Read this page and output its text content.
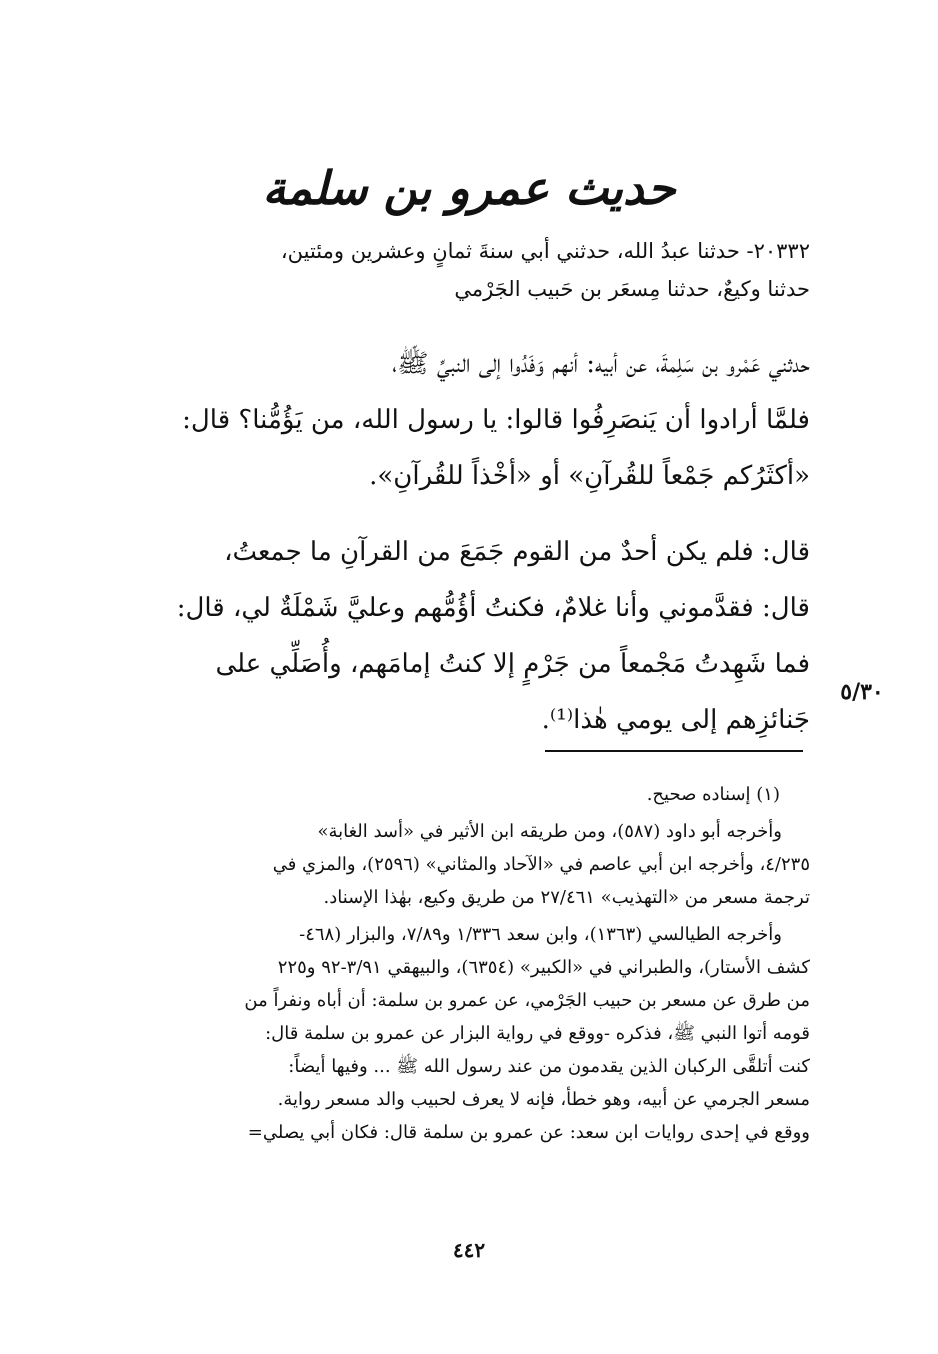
حديث عمرو بن سلمة
٢٠٣٣٢- حدثنا عبدُ الله، حدثني أبي سنةَ ثمانٍ وعشرين ومئتين،
حدثنا وكيعٌ، حدثنا مِسعَر بن حَبيب الجَرْمي

حدثني عَمْرو بن سَلِمةَ، عن أبيه: أنهم وَفَدُوا إلى النبيِّ ﷺ،
فلمَّا أرادوا أن يَنصَرِفُوا قالوا: يا رسول الله، من يَؤُمُّنا؟ قال:
«أكثَرُكم جَمْعاً للقُرآنِ» أو «أخْذاً للقُرآنِ».

قال: فلم يكن أحدٌ من القوم جَمَعَ من القرآنِ ما جمعتُ،
قال: فقدَّموني وأنا غلامٌ، فكنتُ أؤُمُّهم وعليَّ شَمْلَةٌ لي، قال:
فما شَهِدتُ مَجْمعاً من جَرْمٍ إلا كنتُ إمامَهم، وأُصَلِّي على
جَنائزِهم إلى يومي هٰذا⁽¹⁾.

٥/٣٠

(١) إسناده صحيح.

وأخرجه أبو داود (٥٨٧)، ومن طريقه ابن الأثير في «أسد الغابة»
٤/٢٣٥، وأخرجه ابن أبي عاصم في «الآحاد والمثاني» (٢٥٩٦)، والمزي في
ترجمة مسعر من «التهذيب» ٢٧/٤٦١ من طريق وكيع، بهٰذا الإسناد.

وأخرجه الطيالسي (١٣٦٣)، وابن سعد ١/٣٣٦ و٧/٨٩، والبزار (٤٦٨-
كشف الأستار)، والطبراني في «الكبير» (٦٣٥٤)، والبيهقي ٣/٩١-٩٢ و٢٢٥
من طرق عن مسعر بن حبيب الجَرْمي، عن عمرو بن سلمة: أن أباه ونفراً من
قومه أتوا النبي ﷺ، فذكره -ووقع في رواية البزار عن عمرو بن سلمة قال:
كنت أتلقَّى الركبان الذين يقدمون من عند رسول الله ﷺ ... وفيها أيضاً:
مسعر الجرمي عن أبيه، وهو خطأ، فإنه لا يعرف لحبيب والد مسعر رواية.
ووقع في إحدى روايات ابن سعد: عن عمرو بن سلمة قال: فكان أبي يصلي=

٤٤٢
